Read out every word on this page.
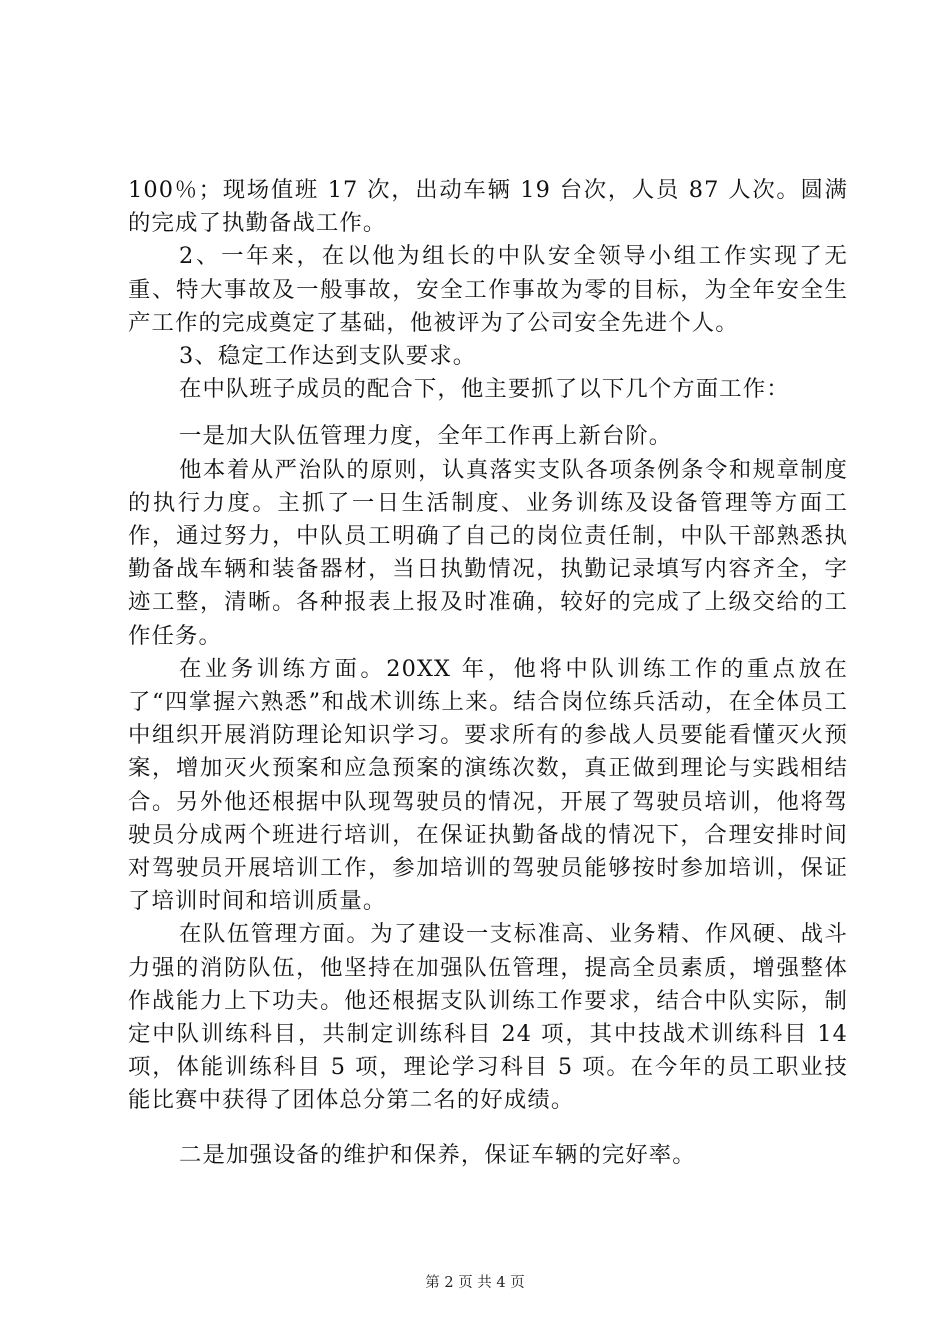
100％；现场值班 17 次，出动车辆 19 台次，人员 87 人次。圆满的完成了执勤备战工作。

2、一年来，在以他为组长的中队安全领导小组工作实现了无重、特大事故及一般事故，安全工作事故为零的目标，为全年安全生产工作的完成奠定了基础，他被评为了公司安全先进个人。

3、稳定工作达到支队要求。

在中队班子成员的配合下，他主要抓了以下几个方面工作：

一是加大队伍管理力度，全年工作再上新台阶。

他本着从严治队的原则，认真落实支队各项条例条令和规章制度的执行力度。主抓了一日生活制度、业务训练及设备管理等方面工作，通过努力，中队员工明确了自己的岗位责任制，中队干部熟悉执勤备战车辆和装备器材，当日执勤情况，执勤记录填写内容齐全，字迹工整，清晰。各种报表上报及时准确，较好的完成了上级交给的工作任务。

在业务训练方面。20XX 年，他将中队训练工作的重点放在了“四掌握六熟悉”和战术训练上来。结合岗位练兵活动，在全体员工中组织开展消防理论知识学习。要求所有的参战人员要能看懂灭火预案，增加灭火预案和应急预案的演练次数，真正做到理论与实践相结合。另外他还根据中队现驾驶员的情况，开展了驾驶员培训，他将驾驶员分成两个班进行培训，在保证执勤备战的情况下，合理安排时间对驾驶员开展培训工作，参加培训的驾驶员能够按时参加培训，保证了培训时间和培训质量。

在队伍管理方面。为了建设一支标准高、业务精、作风硬、战斗力强的消防队伍，他坚持在加强队伍管理，提高全员素质，增强整体作战能力上下功夫。他还根据支队训练工作要求，结合中队实际，制定中队训练科目，共制定训练科目 24 项，其中技战术训练科目 14 项，体能训练科目 5 项，理论学习科目 5 项。在今年的员工职业技能比赛中获得了团体总分第二名的好成绩。

二是加强设备的维护和保养，保证车辆的完好率。

第 2 页 共 4 页
